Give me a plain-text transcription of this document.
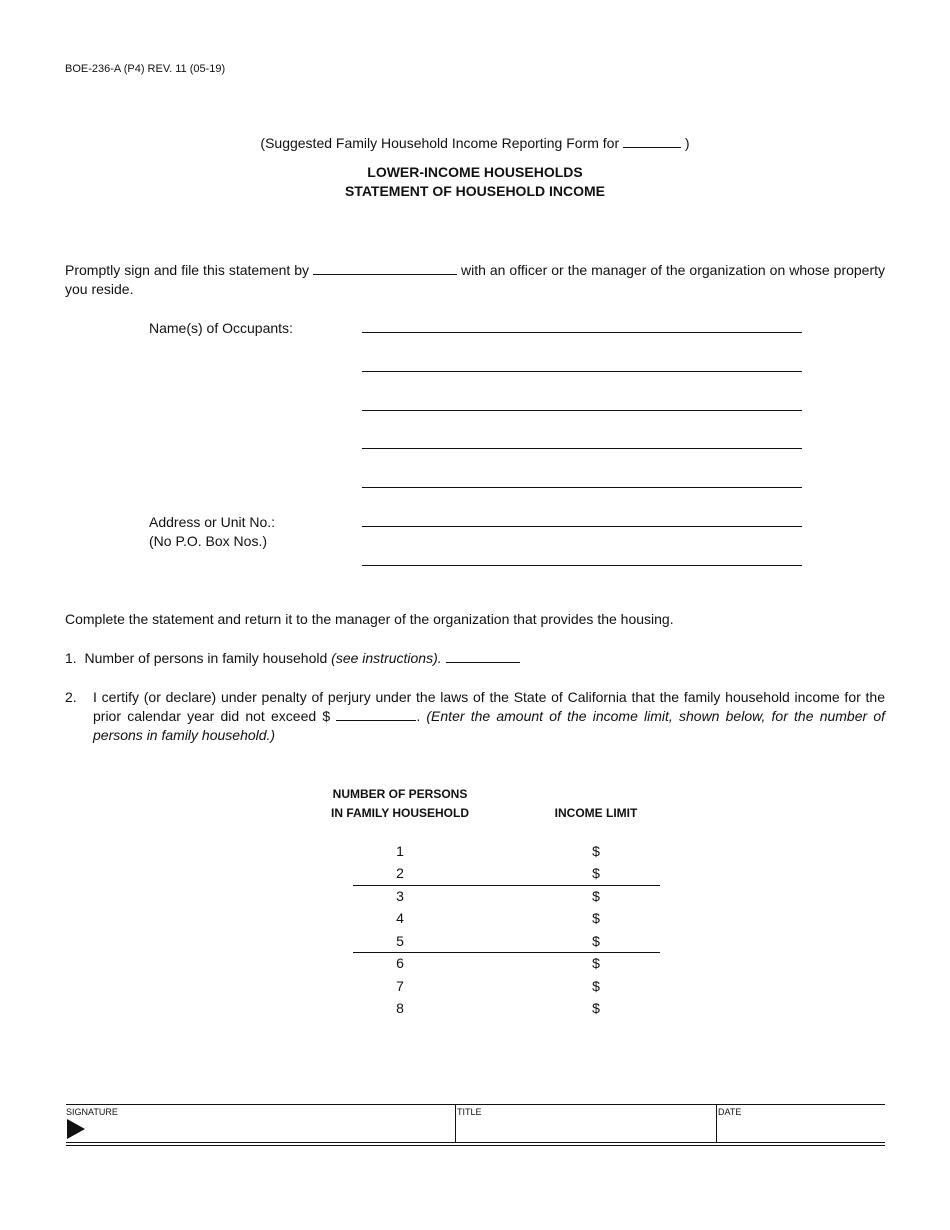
BOE-236-A (P4) REV. 11 (05-19)
(Suggested Family Household Income Reporting Form for	)
LOWER-INCOME HOUSEHOLDS
STATEMENT OF HOUSEHOLD INCOME
Promptly sign and file this statement by	with an officer or the manager of the organization on whose property you reside.
Name(s) of Occupants:
Address or Unit No.:
(No P.O. Box Nos.)
Complete the statement and return it to the manager of the organization that provides the housing.
1. Number of persons in family household (see instructions).
2. I certify (or declare) under penalty of perjury under the laws of the State of California that the family household income for the prior calendar year did not exceed $	. (Enter the amount of the income limit, shown below, for the number of persons in family household.)
NUMBER OF PERSONS
IN FAMILY HOUSEHOLD	INCOME LIMIT
1	$
2	$
3	$
4	$
5	$
6	$
7	$
8	$
SIGNATURE	TITLE	DATE
